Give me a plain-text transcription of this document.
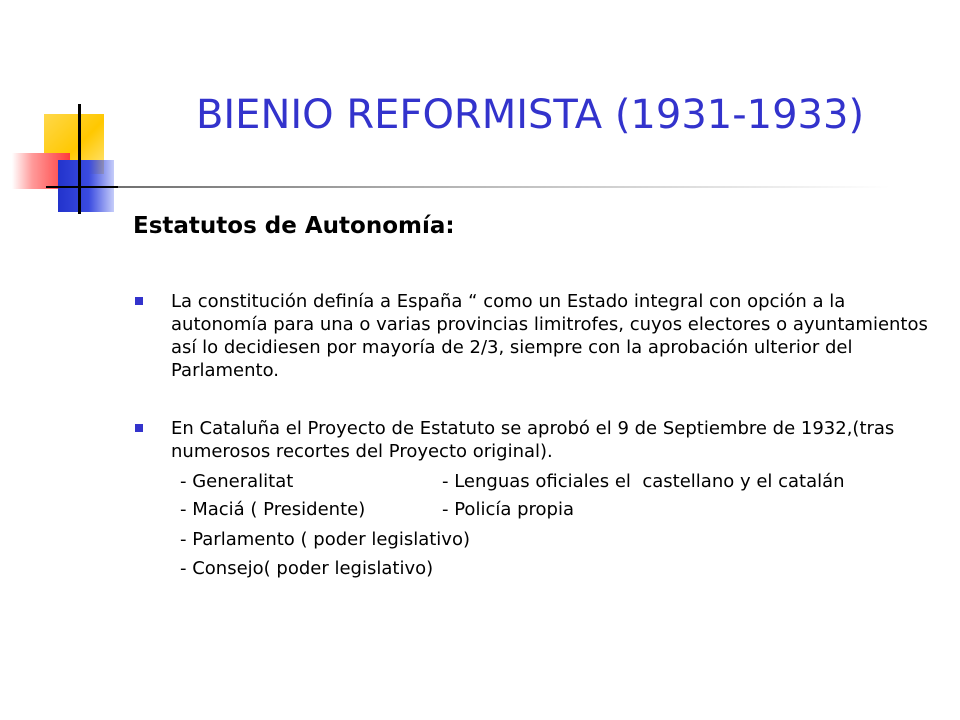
BIENIO REFORMISTA (1931-1933)
Estatutos de Autonomía:

La constitución definía a España “ como un Estado integral con opción a la autonomía para una o varias provincias limitrofes, cuyos electores o ayuntamientos así lo decidiesen por mayoría de 2/3, siempre con la aprobación ulterior del Parlamento.

En Cataluña el Proyecto de Estatuto se aprobó el 9 de Septiembre de 1932,(tras numerosos recortes del Proyecto original).

- Generalitat	- Lenguas oficiales el  castellano y el catalán

- Maciá ( Presidente)	- Policía propia

- Parlamento ( poder legislativo)

- Consejo( poder legislativo)
